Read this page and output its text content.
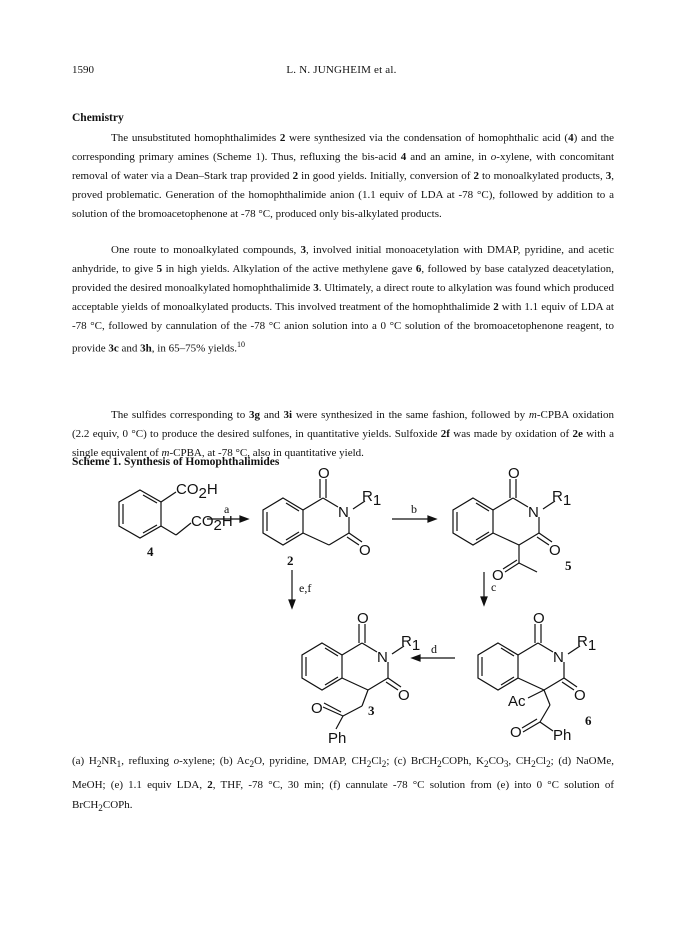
1590	L. N. JUNGHEIM et al.
Chemistry

The unsubstituted homophthalimides 2 were synthesized via the condensation of homophthalic acid (4) and the corresponding primary amines (Scheme 1). Thus, refluxing the bis-acid 4 and an amine, in o-xylene, with concomitant removal of water via a Dean–Stark trap provided 2 in good yields. Initially, conversion of 2 to monoalkylated products, 3, proved problematic. Generation of the homophthalimide anion (1.1 equiv of LDA at -78 °C), followed by addition to a solution of the bromoacetophenone at -78 °C, produced only bis-alkylated products.

One route to monoalkylated compounds, 3, involved initial monoacetylation with DMAP, pyridine, and acetic anhydride, to give 5 in high yields. Alkylation of the active methylene gave 6, followed by base catalyzed deacetylation, provided the desired monoalkylated homophthalimide 3. Ultimately, a direct route to alkylation was found which produced acceptable yields of monoalkylated products. This involved treatment of the homophthalimide 2 with 1.1 equiv of LDA at -78 °C, followed by cannulation of the -78 °C anion solution into a 0 °C solution of the bromoacetophenone reagent, to provide 3c and 3h, in 65–75% yields.$^{10}$

The sulfides corresponding to 3g and 3i were synthesized in the same fashion, followed by m-CPBA oxidation (2.2 equiv, 0 °C) to produce the desired sulfones, in quantitative yields. Sulfoxide 2f was made by oxidation of 2e with a single equivalent of m-CPBA, at -78 °C, also in quantitative yield.

Scheme 1. Synthesis of Homophthalimides
CO2H
CO2H
O
N
R1
O
O
N
R1
O
O
O
N
R1
O
O
Ph
O
N
R1
O
Ac
O Ph
a	b
e,f	c
d
4
2	5
3
6
(a) $H_2NR_1$, refluxing o-xylene; (b) $Ac_2O$, pyridine, DMAP, $CH_2Cl_2$; (c) BrCH$_2$COPh, $K_2CO_3$, $CH_2Cl_2$; (d) NaOMe, MeOH; (e) 1.1 equiv LDA, 2, THF, -78 °C, 30 min; (f) cannulate -78 °C solution from (e) into 0 °C solution of BrCH$_2$COPh.
